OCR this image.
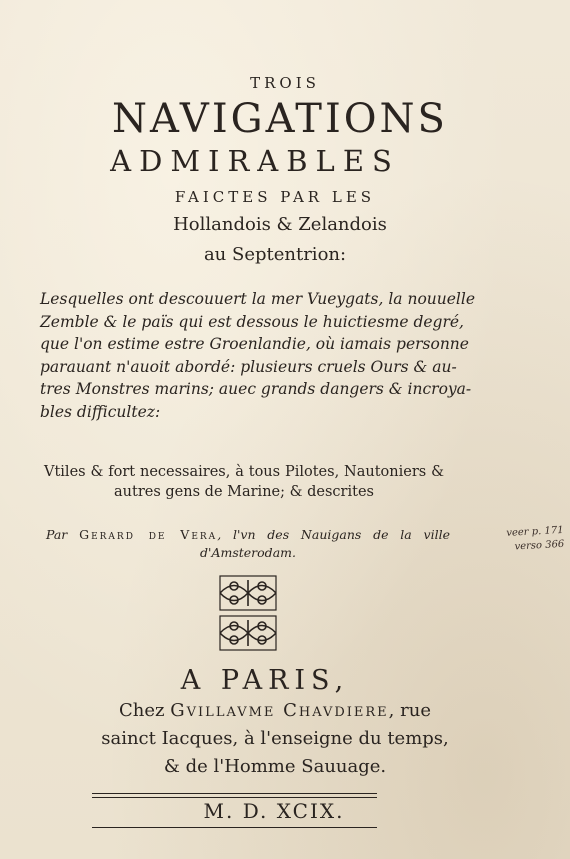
TROIS
NAVIGATIONS
ADMIRABLES
FAICTES PAR LES
Hollandois & Zelandois
au Septentrion:
Lesquelles ont descouuert la mer Vueygats, la nouuelle
Zemble & le païs qui est dessous le huictiesme degré,
que l'on estime estre Groenlandie, où iamais personne
parauant n'auoit abordé: plusieurs cruels Ours & au-
tres Monstres marins; auec grands dangers & incroya-
bles difficultez:
Vtiles & fort necessaires, à tous Pilotes, Nautoniers &
autres gens de Marine; & descrites
Par Gerard de Vera, l'vn des Nauigans de la ville
d'Amsterodam.
veer p. 171
verso 366
A PARIS,
Chez Gvillavme Chavdiere, rue
sainct Iacques, à l'enseigne du temps,
& de l'Homme Sauuage.
M. D. XCIX.
